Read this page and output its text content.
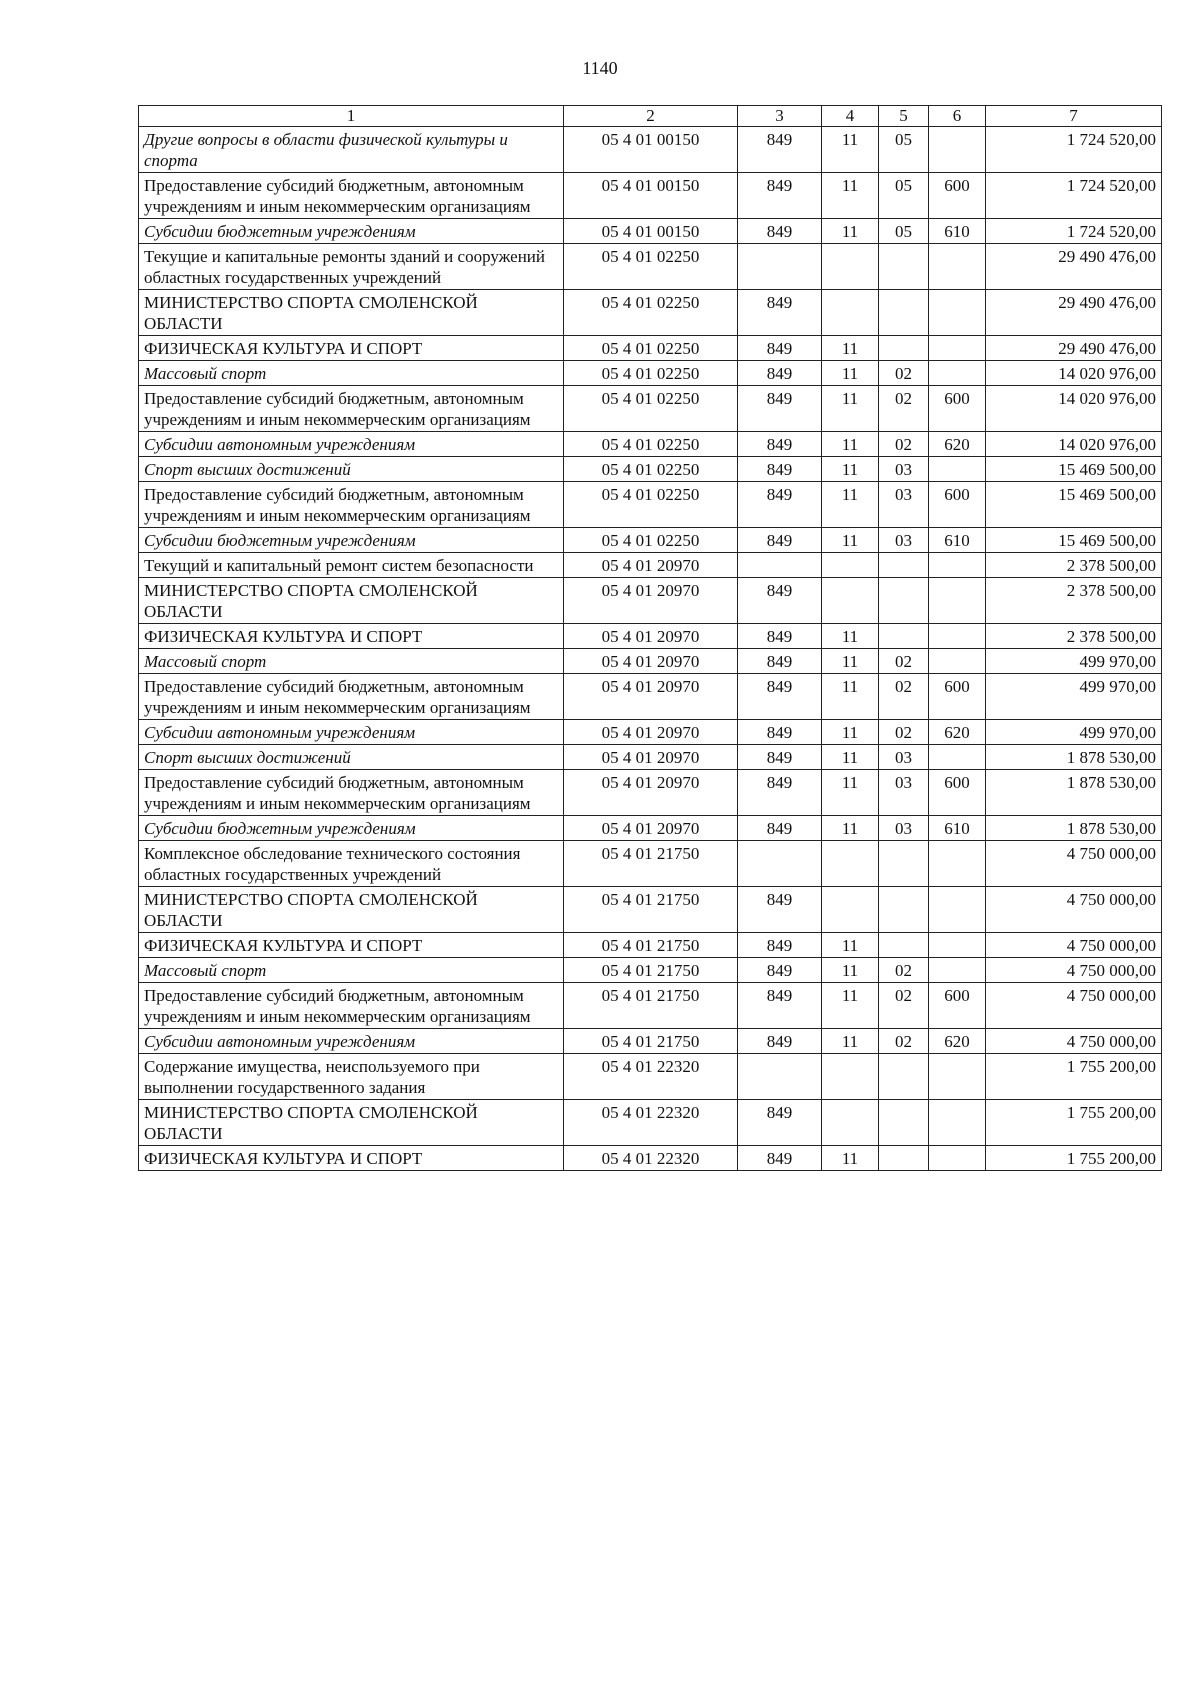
1140
1	2	3	4	5	6	7
Другие вопросы в области физической культуры и спорта	05 4 01 00150	849	11	05		1 724 520,00
Предоставление субсидий бюджетным, автономным учреждениям и иным некоммерческим организациям	05 4 01 00150	849	11	05	600	1 724 520,00
Субсидии бюджетным учреждениям	05 4 01 00150	849	11	05	610	1 724 520,00
Текущие и капитальные ремонты зданий и сооружений областных государственных учреждений	05 4 01 02250					29 490 476,00
МИНИСТЕРСТВО СПОРТА СМОЛЕНСКОЙ ОБЛАСТИ	05 4 01 02250	849				29 490 476,00
ФИЗИЧЕСКАЯ КУЛЬТУРА И СПОРТ	05 4 01 02250	849	11			29 490 476,00
Массовый спорт	05 4 01 02250	849	11	02		14 020 976,00
Предоставление субсидий бюджетным, автономным учреждениям и иным некоммерческим организациям	05 4 01 02250	849	11	02	600	14 020 976,00
Субсидии автономным учреждениям	05 4 01 02250	849	11	02	620	14 020 976,00
Спорт высших достижений	05 4 01 02250	849	11	03		15 469 500,00
Предоставление субсидий бюджетным, автономным учреждениям и иным некоммерческим организациям	05 4 01 02250	849	11	03	600	15 469 500,00
Субсидии бюджетным учреждениям	05 4 01 02250	849	11	03	610	15 469 500,00
Текущий и капитальный ремонт систем безопасности	05 4 01 20970					2 378 500,00
МИНИСТЕРСТВО СПОРТА СМОЛЕНСКОЙ ОБЛАСТИ	05 4 01 20970	849				2 378 500,00
ФИЗИЧЕСКАЯ КУЛЬТУРА И СПОРТ	05 4 01 20970	849	11			2 378 500,00
Массовый спорт	05 4 01 20970	849	11	02		499 970,00
Предоставление субсидий бюджетным, автономным учреждениям и иным некоммерческим организациям	05 4 01 20970	849	11	02	600	499 970,00
Субсидии автономным учреждениям	05 4 01 20970	849	11	02	620	499 970,00
Спорт высших достижений	05 4 01 20970	849	11	03		1 878 530,00
Предоставление субсидий бюджетным, автономным учреждениям и иным некоммерческим организациям	05 4 01 20970	849	11	03	600	1 878 530,00
Субсидии бюджетным учреждениям	05 4 01 20970	849	11	03	610	1 878 530,00
Комплексное обследование технического состояния областных государственных учреждений	05 4 01 21750					4 750 000,00
МИНИСТЕРСТВО СПОРТА СМОЛЕНСКОЙ ОБЛАСТИ	05 4 01 21750	849				4 750 000,00
ФИЗИЧЕСКАЯ КУЛЬТУРА И СПОРТ	05 4 01 21750	849	11			4 750 000,00
Массовый спорт	05 4 01 21750	849	11	02		4 750 000,00
Предоставление субсидий бюджетным, автономным учреждениям и иным некоммерческим организациям	05 4 01 21750	849	11	02	600	4 750 000,00
Субсидии автономным учреждениям	05 4 01 21750	849	11	02	620	4 750 000,00
Содержание имущества, неиспользуемого при выполнении государственного задания	05 4 01 22320					1 755 200,00
МИНИСТЕРСТВО СПОРТА СМОЛЕНСКОЙ ОБЛАСТИ	05 4 01 22320	849				1 755 200,00
ФИЗИЧЕСКАЯ КУЛЬТУРА И СПОРТ	05 4 01 22320	849	11			1 755 200,00
